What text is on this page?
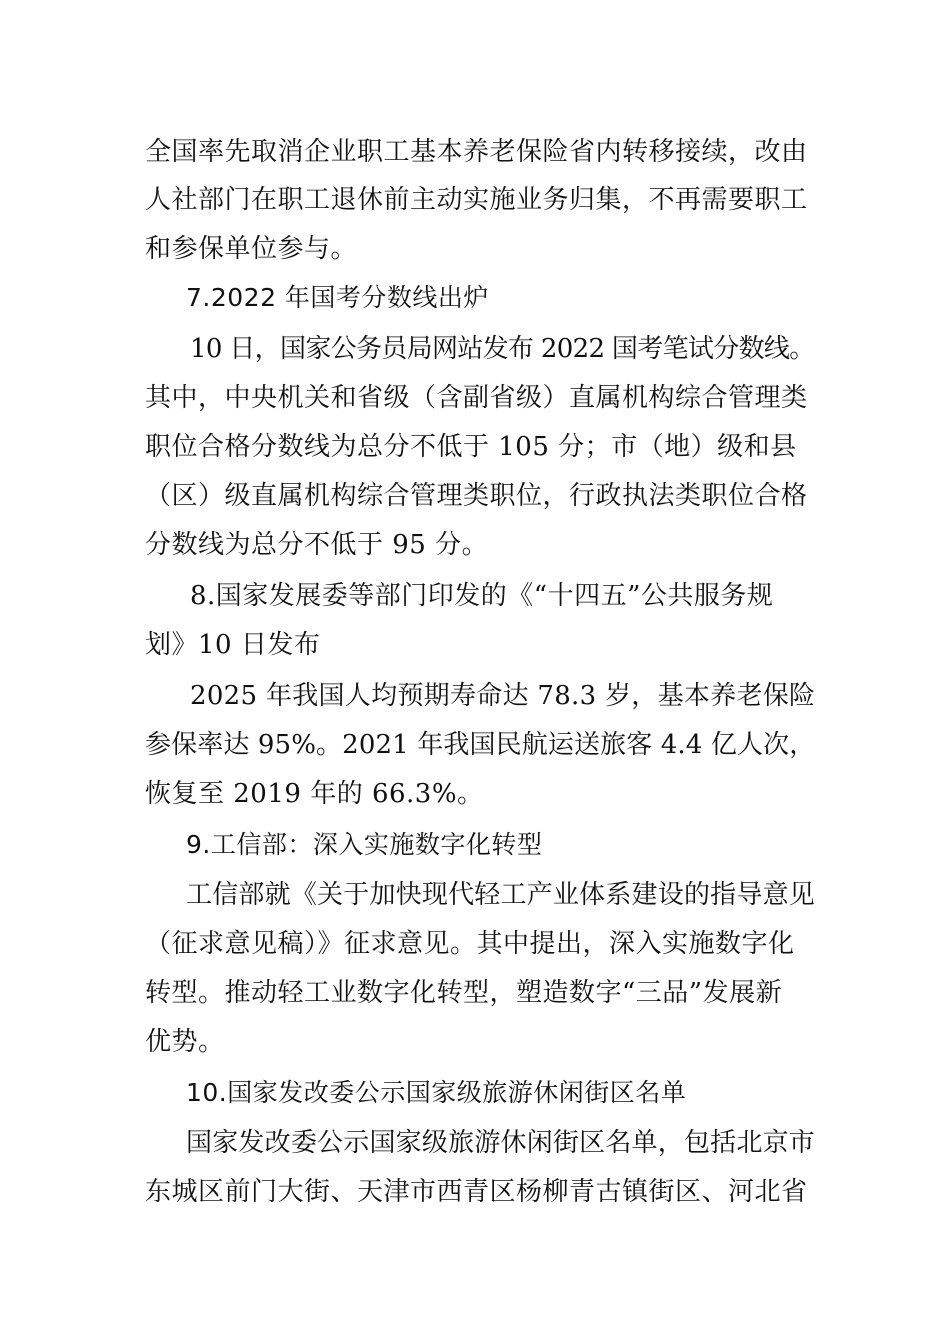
全国率先取消企业职工基本养老保险省内转移接续，改由
人社部门在职工退休前主动实施业务归集，不再需要职工
和参保单位参与。
7.2022 年国考分数线出炉
10 日，国家公务员局网站发布 2022 国考笔试分数线。
其中，中央机关和省级（含副省级）直属机构综合管理类
职位合格分数线为总分不低于 105 分；市（地）级和县
（区）级直属机构综合管理类职位，行政执法类职位合格
分数线为总分不低于 95 分。
8.国家发展委等部门印发的《“十四五”公共服务规
划》10 日发布
2025 年我国人均预期寿命达 78.3 岁，基本养老保险
参保率达 95%。2021 年我国民航运送旅客 4.4 亿人次，
恢复至 2019 年的 66.3%。
9.工信部：深入实施数字化转型
工信部就《关于加快现代轻工产业体系建设的指导意见
（征求意见稿）》征求意见。其中提出，深入实施数字化
转型。推动轻工业数字化转型，塑造数字“三品”发展新
优势。
10.国家发改委公示国家级旅游休闲街区名单
国家发改委公示国家级旅游休闲街区名单，包括北京市
东城区前门大街、天津市西青区杨柳青古镇街区、河北省
